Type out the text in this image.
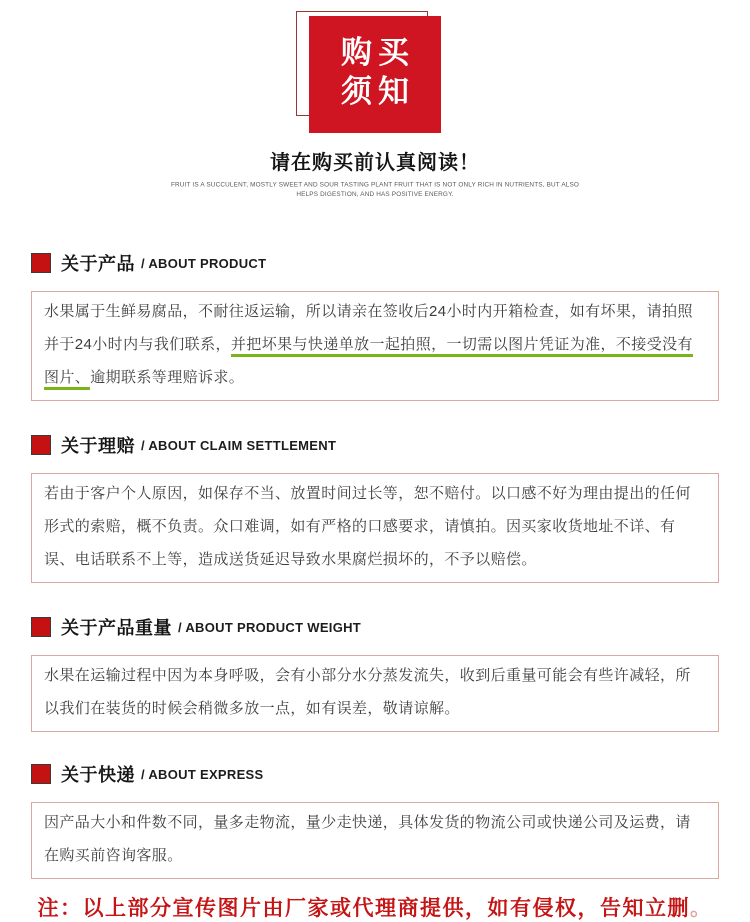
购买
须知
请在购买前认真阅读！
FRUIT IS A SUCCULENT, MOSTLY SWEET AND SOUR TASTING PLANT FRUIT THAT IS NOT ONLY RICH IN NUTRIENTS, BUT ALSO
HELPS DIGESTION, AND HAS POSITIVE ENERGY.
关于产品 / ABOUT PRODUCT

水果属于生鲜易腐品，不耐往返运输，所以请亲在签收后24小时内开箱检查，如有坏果，请拍照并于24小时内与我们联系，并把坏果与快递单放一起拍照，一切需以图片凭证为准，不接受没有图片、逾期联系等理赔诉求。

关于理赔 / ABOUT CLAIM SETTLEMENT

若由于客户个人原因，如保存不当、放置时间过长等，恕不赔付。以口感不好为理由提出的任何形式的索赔，概不负责。众口难调，如有严格的口感要求，请慎拍。因买家收货地址不详、有误、电话联系不上等，造成送货延迟导致水果腐烂损坏的，不予以赔偿。

关于产品重量 / ABOUT PRODUCT WEIGHT

水果在运输过程中因为本身呼吸，会有小部分水分蒸发流失，收到后重量可能会有些许减轻，所以我们在装货的时候会稍微多放一点，如有误差，敬请谅解。

关于快递 / ABOUT EXPRESS

因产品大小和件数不同，量多走物流，量少走快递，具体发货的物流公司或快递公司及运费，请在购买前咨询客服。

注：以上部分宣传图片由厂家或代理商提供，如有侵权，告知立删。
